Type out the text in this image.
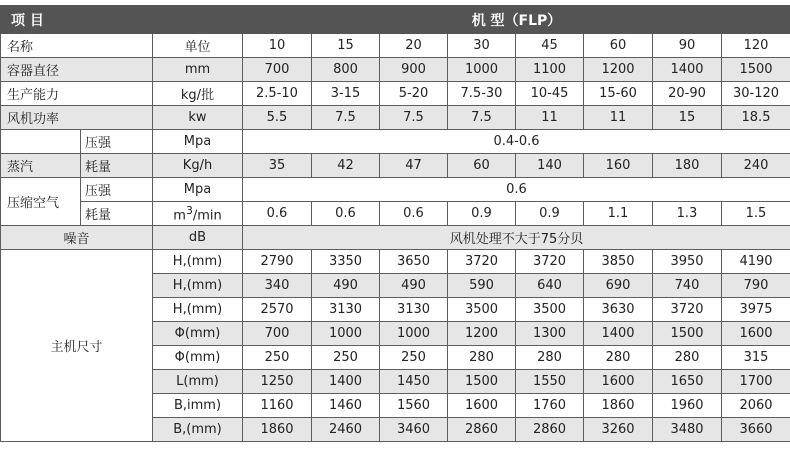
项 目			机 型（FLP）							
名称		单位	10	15	20	30	45	60	90	120
容器直径		mm	700	800	900	1000	1100	1200	1400	1500
生产能力		kg/批	2.5-10	3-15	5-20	7.5-30	10-45	15-60	20-90	30-120
风机功率		kw	5.5	7.5	7.5	7.5	11	11	15	18.5
	压强	Mpa	0.4-0.6							
蒸汽	耗量	Kg/h	35	42	47	60	140	160	180	240
压缩空气	压强	Mpa	0.6							
	耗量	$m^3/\min$	0.6	0.6	0.6	0.9	0.9	1.1	1.3	1.5
噪音		dB	风机处理不大于75分贝							
主机尺寸		H,(mm)	2790	3350	3650	3720	3720	3850	3950	4190
		H,(mm)	340	490	490	590	640	690	740	790
		H,(mm)	2570	3130	3130	3500	3500	3630	3720	3975
		Φ(mm)	700	1000	1000	1200	1300	1400	1500	1600
		Φ(mm)	250	250	250	280	280	280	280	315
		L(mm)	1250	1400	1450	1500	1550	1600	1650	1700
		B,imm)	1160	1460	1560	1600	1760	1860	1960	2060
		B,(mm)	1860	2460	3460	2860	2860	3260	3480	3660
